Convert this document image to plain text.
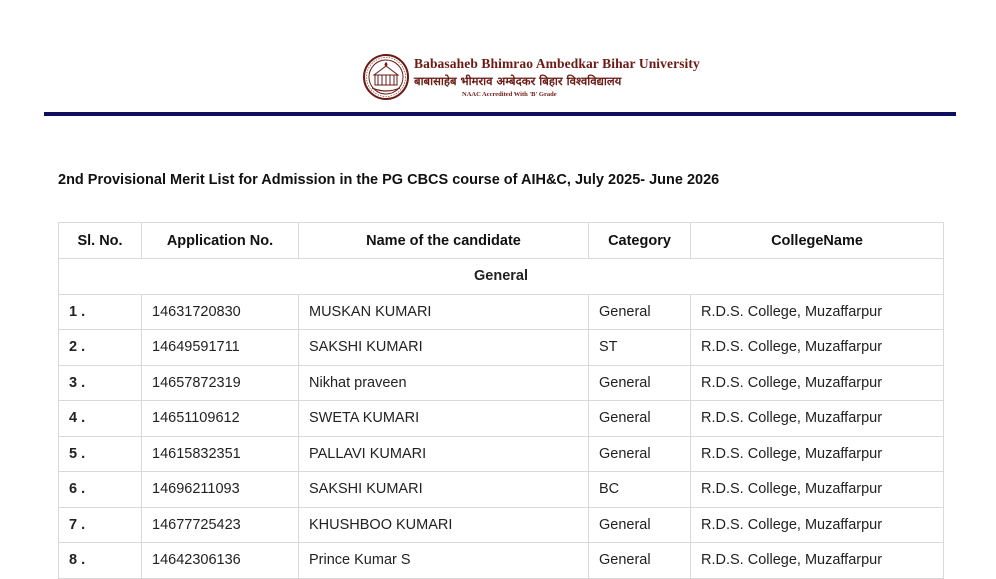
Babasaheb Bhimrao Ambedkar Bihar University
बाबासाहेब भीमराव अम्बेदकर बिहार विश्वविद्यालय
NAAC Accredited With 'B' Grade
2nd Provisional Merit List for Admission in the PG CBCS course of AIH&C, July 2025- June 2026
Sl. No.	Application No.	Name of the candidate	Category	CollegeName
General				
1 .	14631720830	MUSKAN KUMARI	General	R.D.S. College, Muzaffarpur
2 .	14649591711	SAKSHI KUMARI	ST	R.D.S. College, Muzaffarpur
3 .	14657872319	Nikhat praveen	General	R.D.S. College, Muzaffarpur
4 .	14651109612	SWETA KUMARI	General	R.D.S. College, Muzaffarpur
5 .	14615832351	PALLAVI KUMARI	General	R.D.S. College, Muzaffarpur
6 .	14696211093	SAKSHI KUMARI	BC	R.D.S. College, Muzaffarpur
7 .	14677725423	KHUSHBOO KUMARI	General	R.D.S. College, Muzaffarpur
8 .	14642306136	Prince Kumar S	General	R.D.S. College, Muzaffarpur
